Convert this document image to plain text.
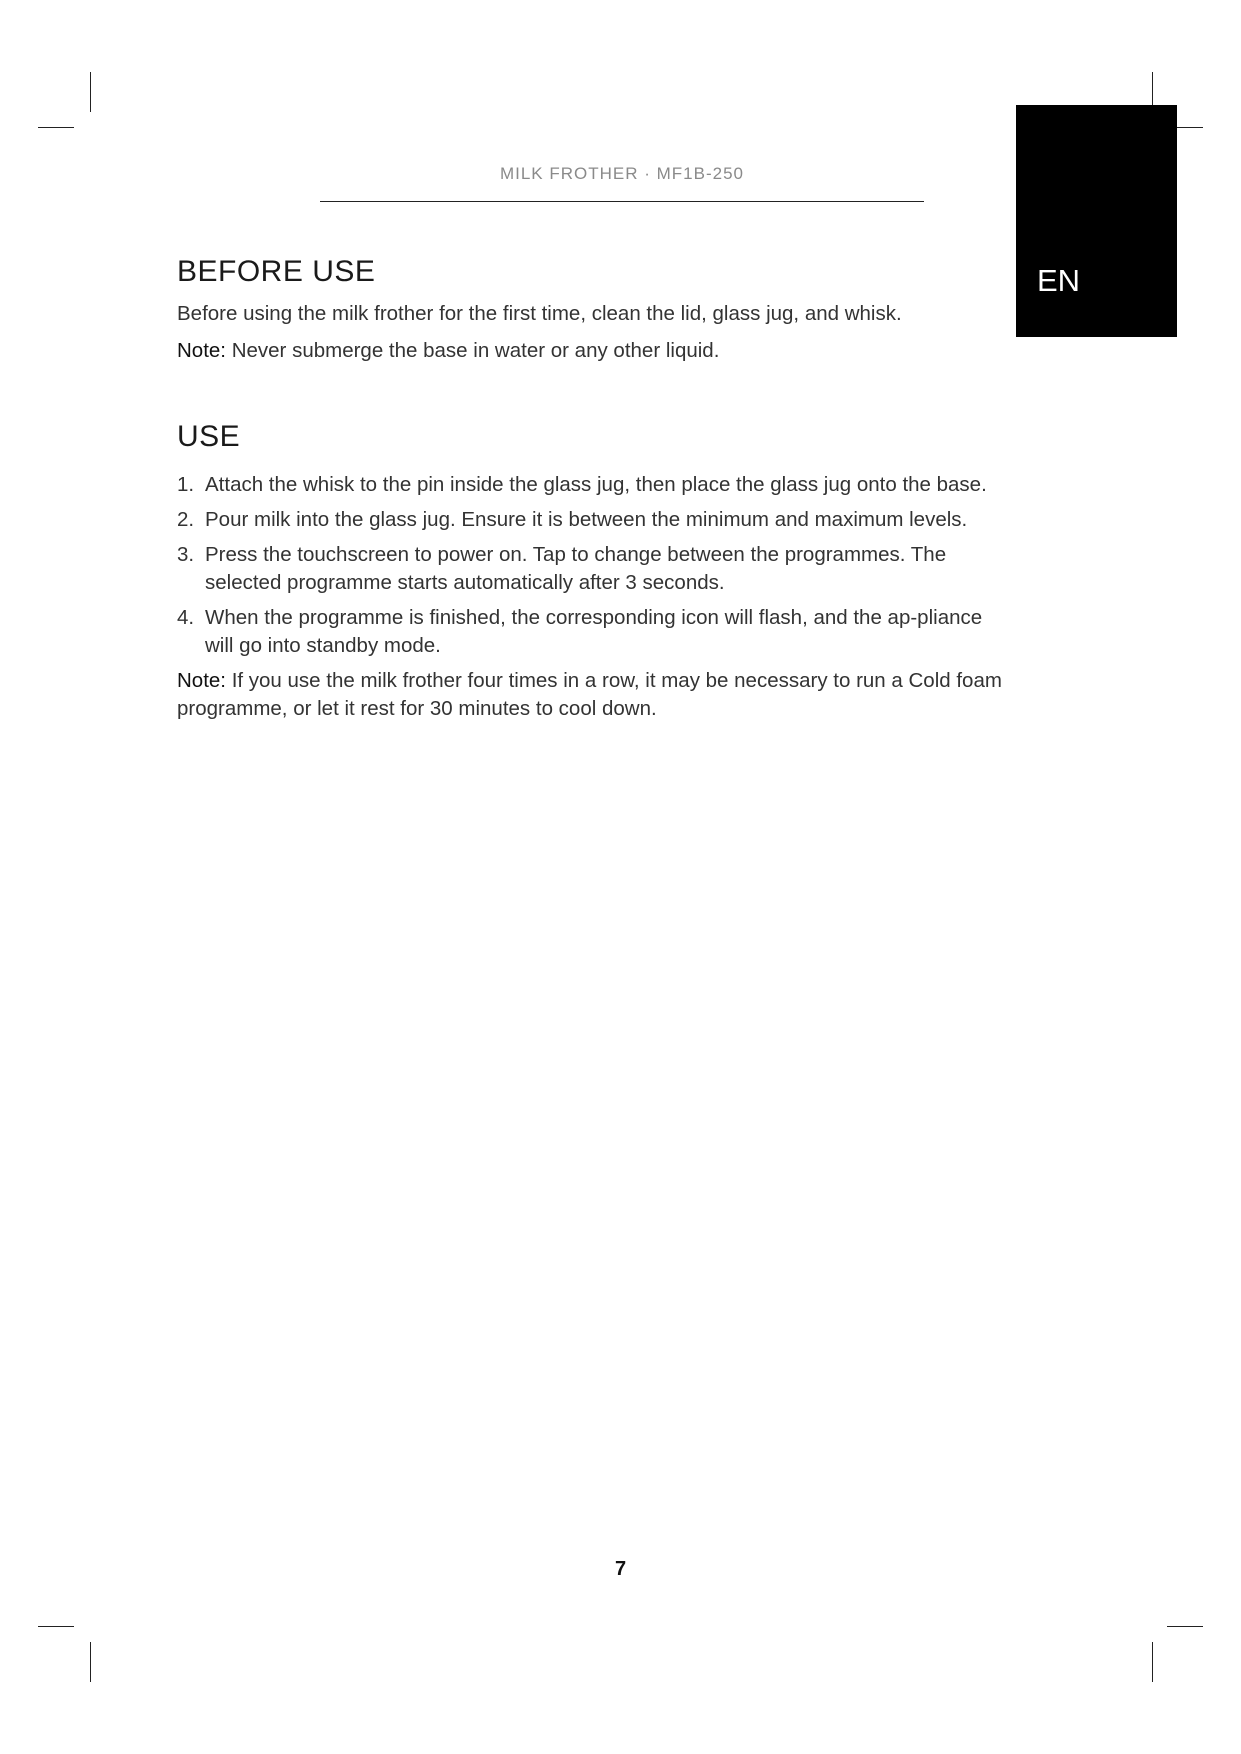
MILK FROTHER · MF1B-250
EN
BEFORE USE

Before using the milk frother for the first time, clean the lid, glass jug, and whisk.

Note: Never submerge the base in water or any other liquid.

USE
1. Attach the whisk to the pin inside the glass jug, then place the glass jug onto the base.
2. Pour milk into the glass jug. Ensure it is between the minimum and maximum levels.
3. Press the touchscreen to power on. Tap to change between the programmes. The selected programme starts automatically after 3 seconds.
4. When the programme is finished, the corresponding icon will flash, and the ap-pliance will go into standby mode.

Note: If you use the milk frother four times in a row, it may be necessary to run a Cold foam programme, or let it rest for 30 minutes to cool down.

7
